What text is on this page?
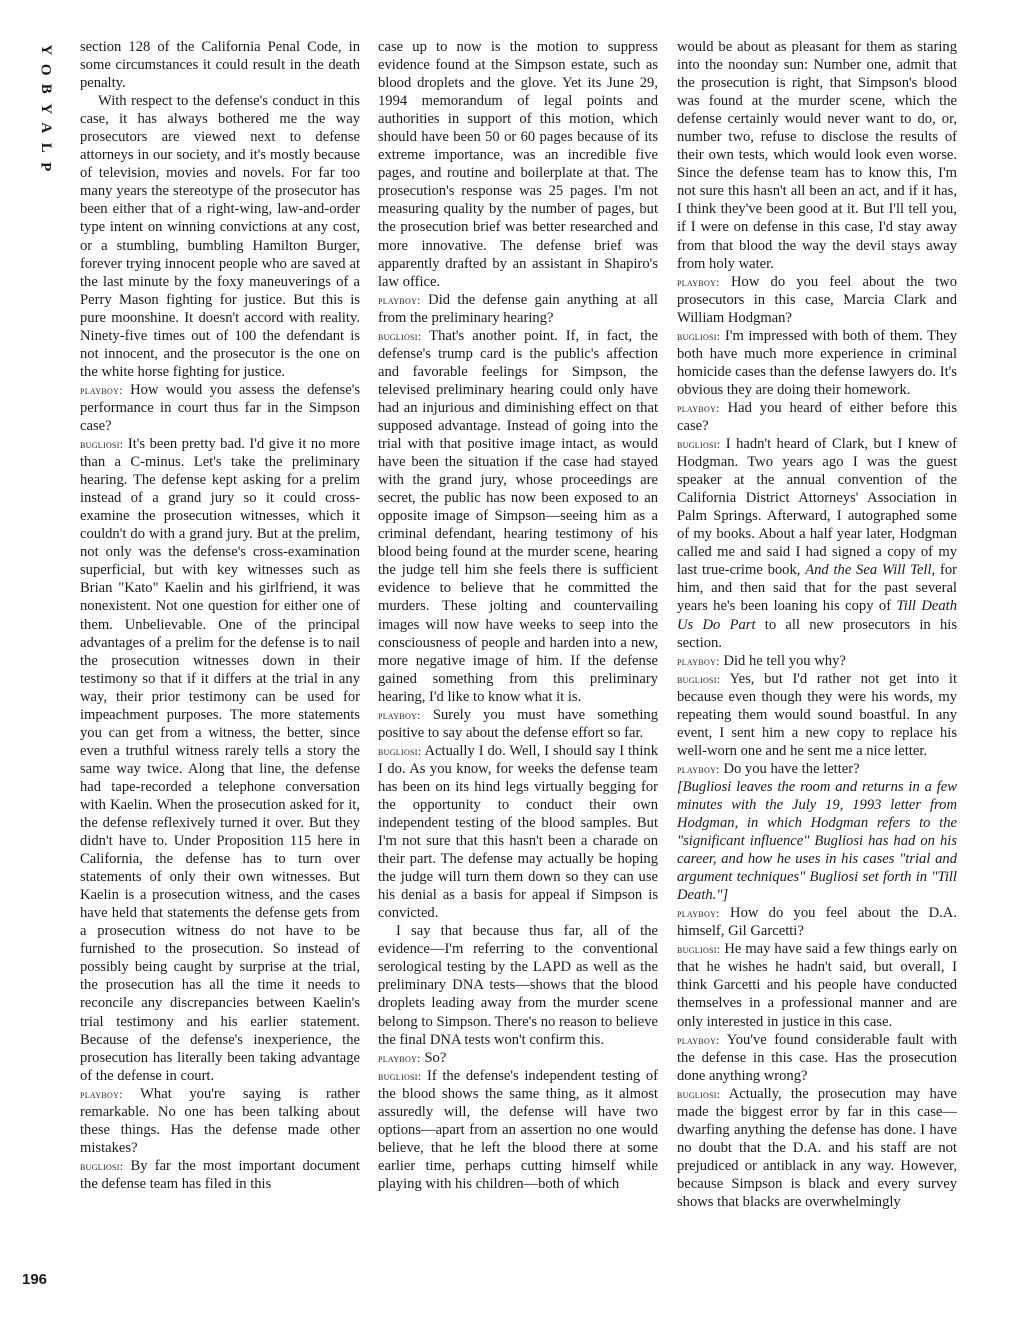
Y
O
B
Y
A
L
P

section 128 of the California Penal Code, in some circumstances it could result in the death penalty.

With respect to the defense's conduct in this case, it has always bothered me the way prosecutors are viewed next to defense attorneys in our society, and it's mostly because of television, movies and novels. For far too many years the stereotype of the prosecutor has been either that of a right-wing, law-and-order type intent on winning convictions at any cost, or a stumbling, bumbling Hamilton Burger, forever trying innocent people who are saved at the last minute by the foxy maneuverings of a Perry Mason fighting for justice. But this is pure moonshine. It doesn't accord with reality. Ninety-five times out of 100 the defendant is not innocent, and the prosecutor is the one on the white horse fighting for justice.

playboy: How would you assess the defense's performance in court thus far in the Simpson case?

bugliosi: It's been pretty bad. I'd give it no more than a C-minus. Let's take the preliminary hearing. The defense kept asking for a prelim instead of a grand jury so it could cross-examine the prosecution witnesses, which it couldn't do with a grand jury. But at the prelim, not only was the defense's cross-examination superficial, but with key witnesses such as Brian "Kato" Kaelin and his girlfriend, it was nonexistent. Not one question for either one of them. Unbelievable. One of the principal advantages of a prelim for the defense is to nail the prosecution witnesses down in their testimony so that if it differs at the trial in any way, their prior testimony can be used for impeachment purposes. The more statements you can get from a witness, the better, since even a truthful witness rarely tells a story the same way twice. Along that line, the defense had tape-recorded a telephone conversation with Kaelin. When the prosecution asked for it, the defense reflexively turned it over. But they didn't have to. Under Proposition 115 here in California, the defense has to turn over statements of only their own witnesses. But Kaelin is a prosecution witness, and the cases have held that statements the defense gets from a prosecution witness do not have to be furnished to the prosecution. So instead of possibly being caught by surprise at the trial, the prosecution has all the time it needs to reconcile any discrepancies between Kaelin's trial testimony and his earlier statement. Because of the defense's inexperience, the prosecution has literally been taking advantage of the defense in court.

playboy: What you're saying is rather remarkable. No one has been talking about these things. Has the defense made other mistakes?

bugliosi: By far the most important document the defense team has filed in this

case up to now is the motion to suppress evidence found at the Simpson estate, such as blood droplets and the glove. Yet its June 29, 1994 memorandum of legal points and authorities in support of this motion, which should have been 50 or 60 pages because of its extreme importance, was an incredible five pages, and routine and boilerplate at that. The prosecution's response was 25 pages. I'm not measuring quality by the number of pages, but the prosecution brief was better researched and more innovative. The defense brief was apparently drafted by an assistant in Shapiro's law office.

playboy: Did the defense gain anything at all from the preliminary hearing?

bugliosi: That's another point. If, in fact, the defense's trump card is the public's affection and favorable feelings for Simpson, the televised preliminary hearing could only have had an injurious and diminishing effect on that supposed advantage. Instead of going into the trial with that positive image intact, as would have been the situation if the case had stayed with the grand jury, whose proceedings are secret, the public has now been exposed to an opposite image of Simpson—seeing him as a criminal defendant, hearing testimony of his blood being found at the murder scene, hearing the judge tell him she feels there is sufficient evidence to believe that he committed the murders. These jolting and countervailing images will now have weeks to seep into the consciousness of people and harden into a new, more negative image of him. If the defense gained something from this preliminary hearing, I'd like to know what it is.

playboy: Surely you must have something positive to say about the defense effort so far.

bugliosi: Actually I do. Well, I should say I think I do. As you know, for weeks the defense team has been on its hind legs virtually begging for the opportunity to conduct their own independent testing of the blood samples. But I'm not sure that this hasn't been a charade on their part. The defense may actually be hoping the judge will turn them down so they can use his denial as a basis for appeal if Simpson is convicted.

I say that because thus far, all of the evidence—I'm referring to the conventional serological testing by the LAPD as well as the preliminary DNA tests—shows that the blood droplets leading away from the murder scene belong to Simpson. There's no reason to believe the final DNA tests won't confirm this.

playboy: So?

bugliosi: If the defense's independent testing of the blood shows the same thing, as it almost assuredly will, the defense will have two options—apart from an assertion no one would believe, that he left the blood there at some earlier time, perhaps cutting himself while playing with his children—both of which

would be about as pleasant for them as staring into the noonday sun: Number one, admit that the prosecution is right, that Simpson's blood was found at the murder scene, which the defense certainly would never want to do, or, number two, refuse to disclose the results of their own tests, which would look even worse. Since the defense team has to know this, I'm not sure this hasn't all been an act, and if it has, I think they've been good at it. But I'll tell you, if I were on defense in this case, I'd stay away from that blood the way the devil stays away from holy water.

playboy: How do you feel about the two prosecutors in this case, Marcia Clark and William Hodgman?

bugliosi: I'm impressed with both of them. They both have much more experience in criminal homicide cases than the defense lawyers do. It's obvious they are doing their homework.

playboy: Had you heard of either before this case?

bugliosi: I hadn't heard of Clark, but I knew of Hodgman. Two years ago I was the guest speaker at the annual convention of the California District Attorneys' Association in Palm Springs. Afterward, I autographed some of my books. About a half year later, Hodgman called me and said I had signed a copy of my last true-crime book, And the Sea Will Tell, for him, and then said that for the past several years he's been loaning his copy of Till Death Us Do Part to all new prosecutors in his section.

playboy: Did he tell you why?

bugliosi: Yes, but I'd rather not get into it because even though they were his words, my repeating them would sound boastful. In any event, I sent him a new copy to replace his well-worn one and he sent me a nice letter.

playboy: Do you have the letter?

[Bugliosi leaves the room and returns in a few minutes with the July 19, 1993 letter from Hodgman, in which Hodgman refers to the "significant influence" Bugliosi has had on his career, and how he uses in his cases "trial and argument techniques" Bugliosi set forth in "Till Death."]

playboy: How do you feel about the D.A. himself, Gil Garcetti?

bugliosi: He may have said a few things early on that he wishes he hadn't said, but overall, I think Garcetti and his people have conducted themselves in a professional manner and are only interested in justice in this case.

playboy: You've found considerable fault with the defense in this case. Has the prosecution done anything wrong?

bugliosi: Actually, the prosecution may have made the biggest error by far in this case—dwarfing anything the defense has done. I have no doubt that the D.A. and his staff are not prejudiced or antiblack in any way. However, because Simpson is black and every survey shows that blacks are overwhelmingly

196
